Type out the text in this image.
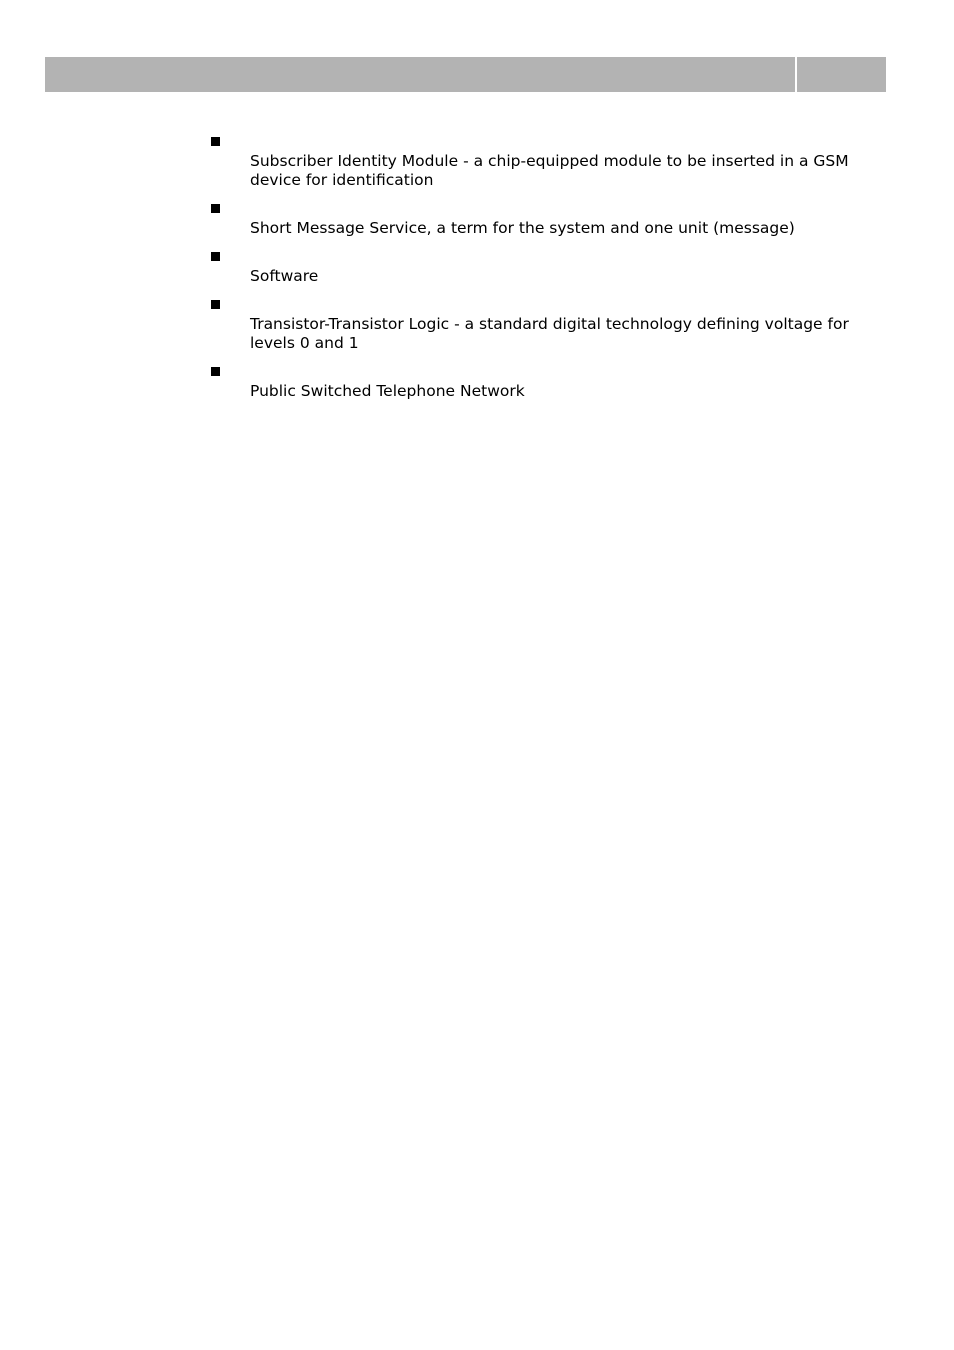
Subscriber Identity Module - a chip-equipped module to be inserted in a GSM device for identification
Short Message Service, a term for the system and one unit (message)
Software
Transistor-Transistor Logic - a standard digital technology defining voltage for levels 0 and 1
Public Switched Telephone Network
